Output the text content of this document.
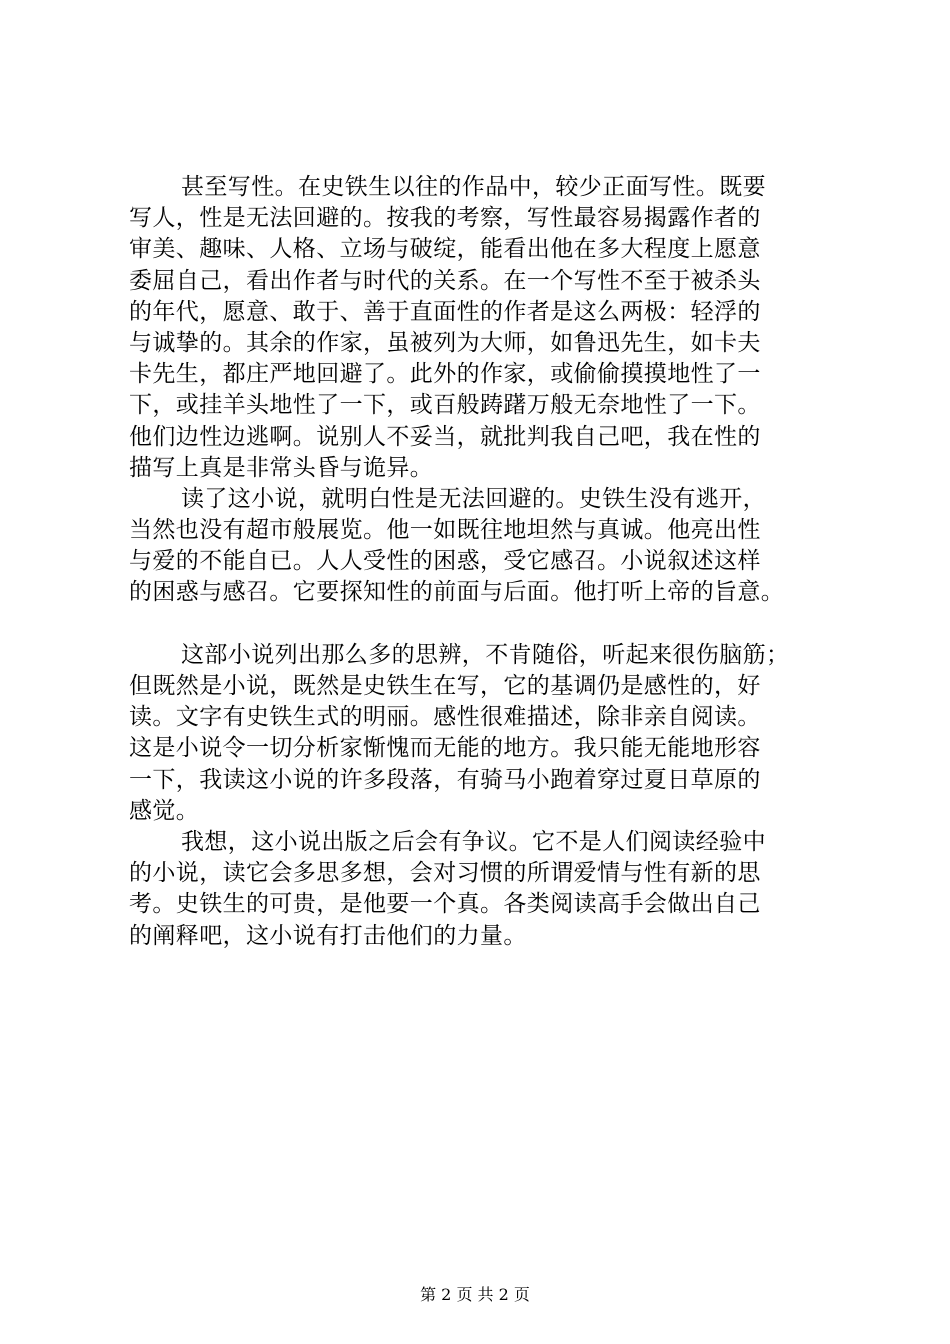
甚至写性。在史铁生以往的作品中，较少正面写性。既要
写人，性是无法回避的。按我的考察，写性最容易揭露作者的
审美、趣味、人格、立场与破绽，能看出他在多大程度上愿意
委屈自己，看出作者与时代的关系。在一个写性不至于被杀头
的年代，愿意、敢于、善于直面性的作者是这么两极：轻浮的
与诚挚的。其余的作家，虽被列为大师，如鲁迅先生，如卡夫
卡先生，都庄严地回避了。此外的作家，或偷偷摸摸地性了一
下，或挂羊头地性了一下，或百般踌躇万般无奈地性了一下。
他们边性边逃啊。说别人不妥当，就批判我自己吧，我在性的
描写上真是非常头昏与诡异。
读了这小说，就明白性是无法回避的。史铁生没有逃开，
当然也没有超市般展览。他一如既往地坦然与真诚。他亮出性
与爱的不能自已。人人受性的困惑，受它感召。小说叙述这样
的困惑与感召。它要探知性的前面与后面。他打听上帝的旨意。
这部小说列出那么多的思辨，不肯随俗，听起来很伤脑筋；
但既然是小说，既然是史铁生在写，它的基调仍是感性的，好
读。文字有史铁生式的明丽。感性很难描述，除非亲自阅读。
这是小说令一切分析家惭愧而无能的地方。我只能无能地形容
一下，我读这小说的许多段落，有骑马小跑着穿过夏日草原的
感觉。
我想，这小说出版之后会有争议。它不是人们阅读经验中
的小说，读它会多思多想，会对习惯的所谓爱情与性有新的思
考。史铁生的可贵，是他要一个真。各类阅读高手会做出自己
的阐释吧，这小说有打击他们的力量。
第 2 页 共 2 页
